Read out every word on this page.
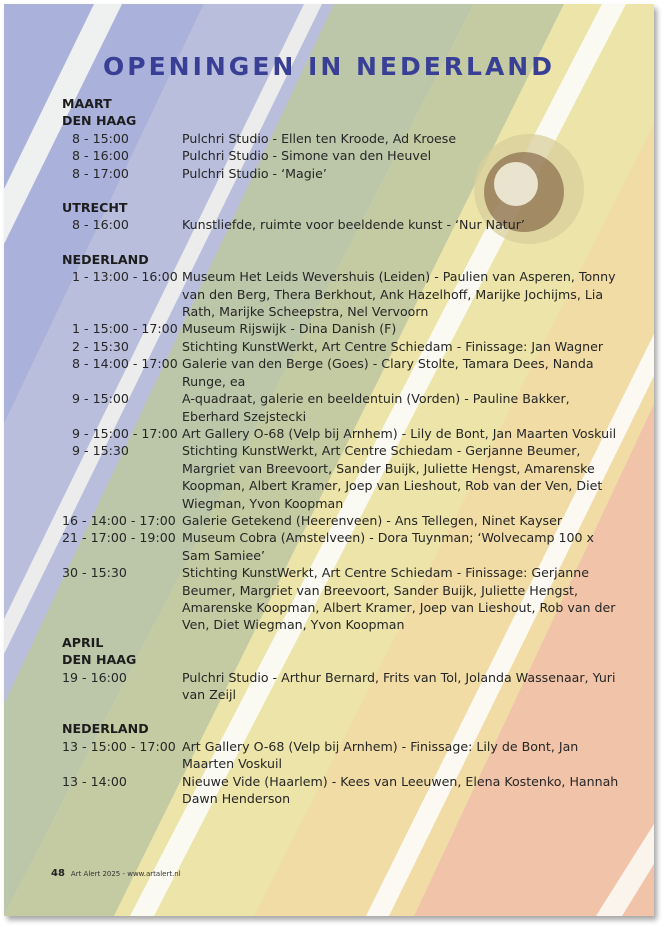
OPENINGEN IN NEDERLAND
MAART
DEN HAAG
8 - 15:00	Pulchri Studio - Ellen ten Kroode, Ad Kroese
8 - 16:00	Pulchri Studio - Simone van den Heuvel
8 - 17:00	Pulchri Studio - ‘Magie’
UTRECHT
8 - 16:00	Kunstliefde, ruimte voor beeldende kunst - ‘Nur Natur’
NEDERLAND
1 - 13:00 - 16:00 Museum Het Leids Wevershuis (Leiden) - Paulien van Asperen, Tonny van den Berg, Thera Berkhout, Ank Hazelhoff, Marijke Jochijms, Lia Rath, Marijke Scheepstra, Nel Vervoorn
1 - 15:00 - 17:00 Museum Rijswijk - Dina Danish (F)
2 - 15:30	Stichting KunstWerkt, Art Centre Schiedam - Finissage: Jan Wagner
8 - 14:00 - 17:00 Galerie van den Berge (Goes) - Clary Stolte, Tamara Dees, Nanda Runge, ea
9 - 15:00	A-quadraat, galerie en beeldentuin (Vorden) - Pauline Bakker, Eberhard Szejstecki
9 - 15:00 - 17:00 Art Gallery O-68 (Velp bij Arnhem) - Lily de Bont, Jan Maarten Voskuil
9 - 15:30	Stichting KunstWerkt, Art Centre Schiedam - Gerjanne Beumer, Margriet van Breevoort, Sander Buijk, Juliette Hengst, Amarenske Koopman, Albert Kramer, Joep van Lieshout, Rob van der Ven, Diet Wiegman, Yvon Koopman
16 - 14:00 - 17:00 Galerie Getekend (Heerenveen) - Ans Tellegen, Ninet Kayser
21 - 17:00 - 19:00 Museum Cobra (Amstelveen) - Dora Tuynman; ‘Wolvecamp 100 x Sam Samiee’
30 - 15:30	Stichting KunstWerkt, Art Centre Schiedam - Finissage: Gerjanne Beumer, Margriet van Breevoort, Sander Buijk, Juliette Hengst, Amarenske Koopman, Albert Kramer, Joep van Lieshout, Rob van der Ven, Diet Wiegman, Yvon Koopman
APRIL
DEN HAAG
19 - 16:00	Pulchri Studio - Arthur Bernard, Frits van Tol, Jolanda Wassenaar, Yuri van Zeijl
NEDERLAND
13 - 15:00 - 17:00 Art Gallery O-68 (Velp bij Arnhem) - Finissage: Lily de Bont, Jan Maarten Voskuil
13 - 14:00	Nieuwe Vide (Haarlem) - Kees van Leeuwen, Elena Kostenko, Hannah Dawn Henderson
48 Art Alert 2025 - www.artalert.nl
